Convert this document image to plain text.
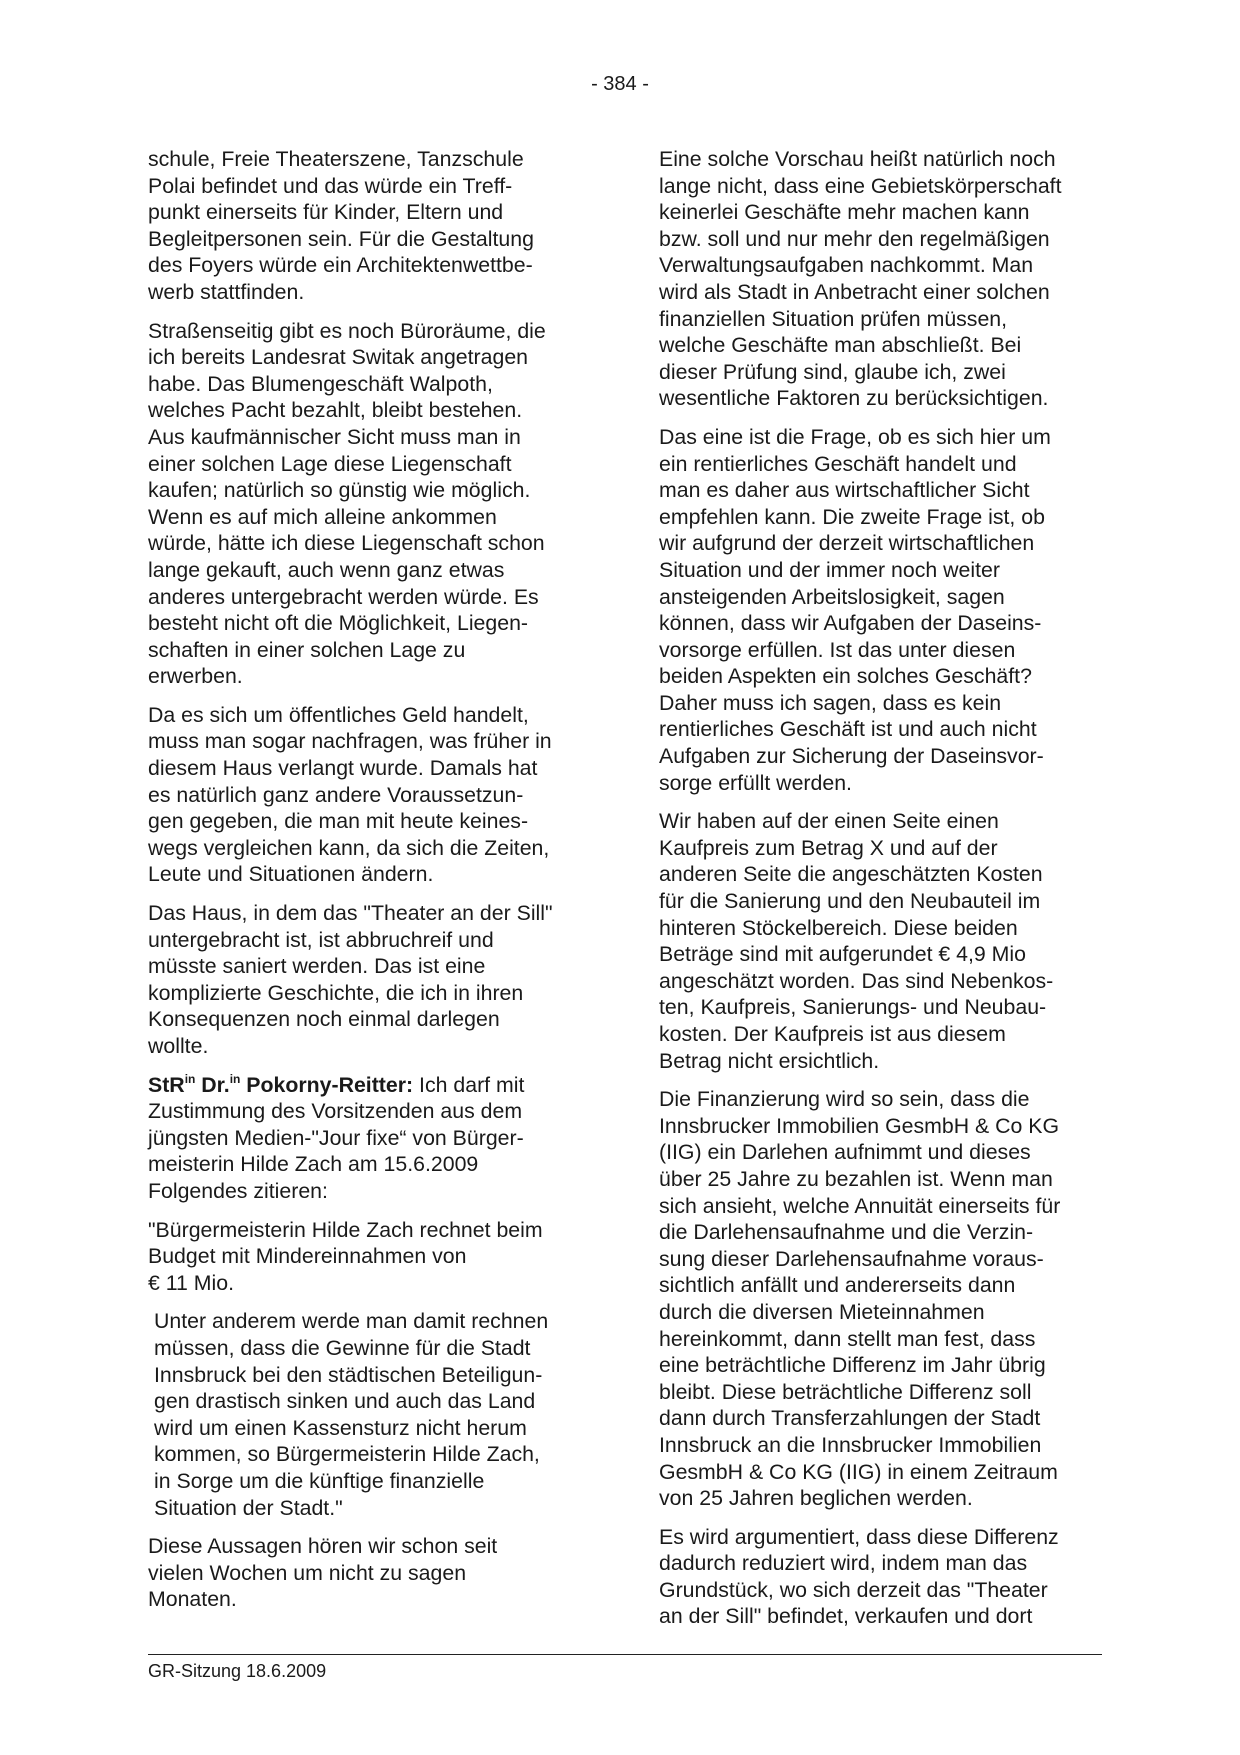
- 384 -

schule, Freie Theaterszene, Tanzschule
Polai befindet und das würde ein Treff-
punkt einerseits für Kinder, Eltern und
Begleitpersonen sein. Für die Gestaltung
des Foyers würde ein Architektenwettbe-
werb stattfinden.

Straßenseitig gibt es noch Büroräume, die
ich bereits Landesrat Switak angetragen
habe. Das Blumengeschäft Walpoth,
welches Pacht bezahlt, bleibt bestehen.
Aus kaufmännischer Sicht muss man in
einer solchen Lage diese Liegenschaft
kaufen; natürlich so günstig wie möglich.
Wenn es auf mich alleine ankommen
würde, hätte ich diese Liegenschaft schon
lange gekauft, auch wenn ganz etwas
anderes untergebracht werden würde. Es
besteht nicht oft die Möglichkeit, Liegen-
schaften in einer solchen Lage zu
erwerben.

Da es sich um öffentliches Geld handelt,
muss man sogar nachfragen, was früher in
diesem Haus verlangt wurde. Damals hat
es natürlich ganz andere Voraussetzun-
gen gegeben, die man mit heute keines-
wegs vergleichen kann, da sich die Zeiten,
Leute und Situationen ändern.

Das Haus, in dem das "Theater an der Sill"
untergebracht ist, ist abbruchreif und
müsste saniert werden. Das ist eine
komplizierte Geschichte, die ich in ihren
Konsequenzen noch einmal darlegen
wollte.

StR$^{in}$ Dr.$^{in}$ Pokorny-Reitter: Ich darf mit
Zustimmung des Vorsitzenden aus dem
jüngsten Medien-"Jour fixe“ von Bürger-
meisterin Hilde Zach am 15.6.2009
Folgendes zitieren:

"Bürgermeisterin Hilde Zach rechnet beim
Budget mit Mindereinnahmen von
€ 11 Mio.

Unter anderem werde man damit rechnen
müssen, dass die Gewinne für die Stadt
Innsbruck bei den städtischen Beteiligun-
gen drastisch sinken und auch das Land
wird um einen Kassensturz nicht herum
kommen, so Bürgermeisterin Hilde Zach,
in Sorge um die künftige finanzielle
Situation der Stadt."

Diese Aussagen hören wir schon seit
vielen Wochen um nicht zu sagen
Monaten.

Eine solche Vorschau heißt natürlich noch
lange nicht, dass eine Gebietskörperschaft
keinerlei Geschäfte mehr machen kann
bzw. soll und nur mehr den regelmäßigen
Verwaltungsaufgaben nachkommt. Man
wird als Stadt in Anbetracht einer solchen
finanziellen Situation prüfen müssen,
welche Geschäfte man abschließt. Bei
dieser Prüfung sind, glaube ich, zwei
wesentliche Faktoren zu berücksichtigen.

Das eine ist die Frage, ob es sich hier um
ein rentierliches Geschäft handelt und
man es daher aus wirtschaftlicher Sicht
empfehlen kann. Die zweite Frage ist, ob
wir aufgrund der derzeit wirtschaftlichen
Situation und der immer noch weiter
ansteigenden Arbeitslosigkeit, sagen
können, dass wir Aufgaben der Daseins-
vorsorge erfüllen. Ist das unter diesen
beiden Aspekten ein solches Geschäft?
Daher muss ich sagen, dass es kein
rentierliches Geschäft ist und auch nicht
Aufgaben zur Sicherung der Daseinsvor-
sorge erfüllt werden.

Wir haben auf der einen Seite einen
Kaufpreis zum Betrag X und auf der
anderen Seite die angeschätzten Kosten
für die Sanierung und den Neubauteil im
hinteren Stöckelbereich. Diese beiden
Beträge sind mit aufgerundet € 4,9 Mio
angeschätzt worden. Das sind Nebenkos-
ten, Kaufpreis, Sanierungs- und Neubau-
kosten. Der Kaufpreis ist aus diesem
Betrag nicht ersichtlich.

Die Finanzierung wird so sein, dass die
Innsbrucker Immobilien GesmbH & Co KG
(IIG) ein Darlehen aufnimmt und dieses
über 25 Jahre zu bezahlen ist. Wenn man
sich ansieht, welche Annuität einerseits für
die Darlehensaufnahme und die Verzin-
sung dieser Darlehensaufnahme voraus-
sichtlich anfällt und andererseits dann
durch die diversen Mieteinnahmen
hereinkommt, dann stellt man fest, dass
eine beträchtliche Differenz im Jahr übrig
bleibt. Diese beträchtliche Differenz soll
dann durch Transferzahlungen der Stadt
Innsbruck an die Innsbrucker Immobilien
GesmbH & Co KG (IIG) in einem Zeitraum
von 25 Jahren beglichen werden.

Es wird argumentiert, dass diese Differenz
dadurch reduziert wird, indem man das
Grundstück, wo sich derzeit das "Theater
an der Sill" befindet, verkaufen und dort

GR-Sitzung 18.6.2009
